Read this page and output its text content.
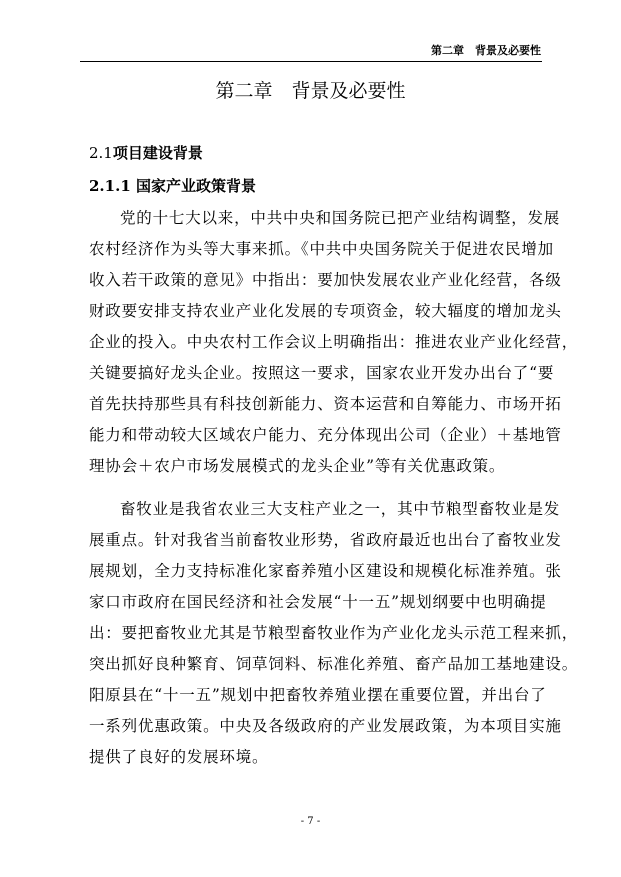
第二章　背景及必要性
第二章　背景及必要性
2.1项目建设背景
2.1.1 国家产业政策背景
党的十七大以来，中共中央和国务院已把产业结构调整，发展
农村经济作为头等大事来抓。《中共中央国务院关于促进农民增加
收入若干政策的意见》中指出：要加快发展农业产业化经营，各级
财政要安排支持农业产业化发展的专项资金，较大辐度的增加龙头
企业的投入。中央农村工作会议上明确指出：推进农业产业化经营，
关键要搞好龙头企业。按照这一要求，国家农业开发办出台了“要
首先扶持那些具有科技创新能力、资本运营和自筹能力、市场开拓
能力和带动较大区域农户能力、充分体现出公司（企业）＋基地管
理协会＋农户市场发展模式的龙头企业”等有关优惠政策。
畜牧业是我省农业三大支柱产业之一，其中节粮型畜牧业是发
展重点。针对我省当前畜牧业形势，省政府最近也出台了畜牧业发
展规划，全力支持标准化家畜养殖小区建设和规模化标准养殖。张
家口市政府在国民经济和社会发展“十一五”规划纲要中也明确提
出：要把畜牧业尤其是节粮型畜牧业作为产业化龙头示范工程来抓，
突出抓好良种繁育、饲草饲料、标准化养殖、畜产品加工基地建设。
阳原县在“十一五”规划中把畜牧养殖业摆在重要位置，并出台了
一系列优惠政策。中央及各级政府的产业发展政策，为本项目实施
提供了良好的发展环境。
- 7 -
